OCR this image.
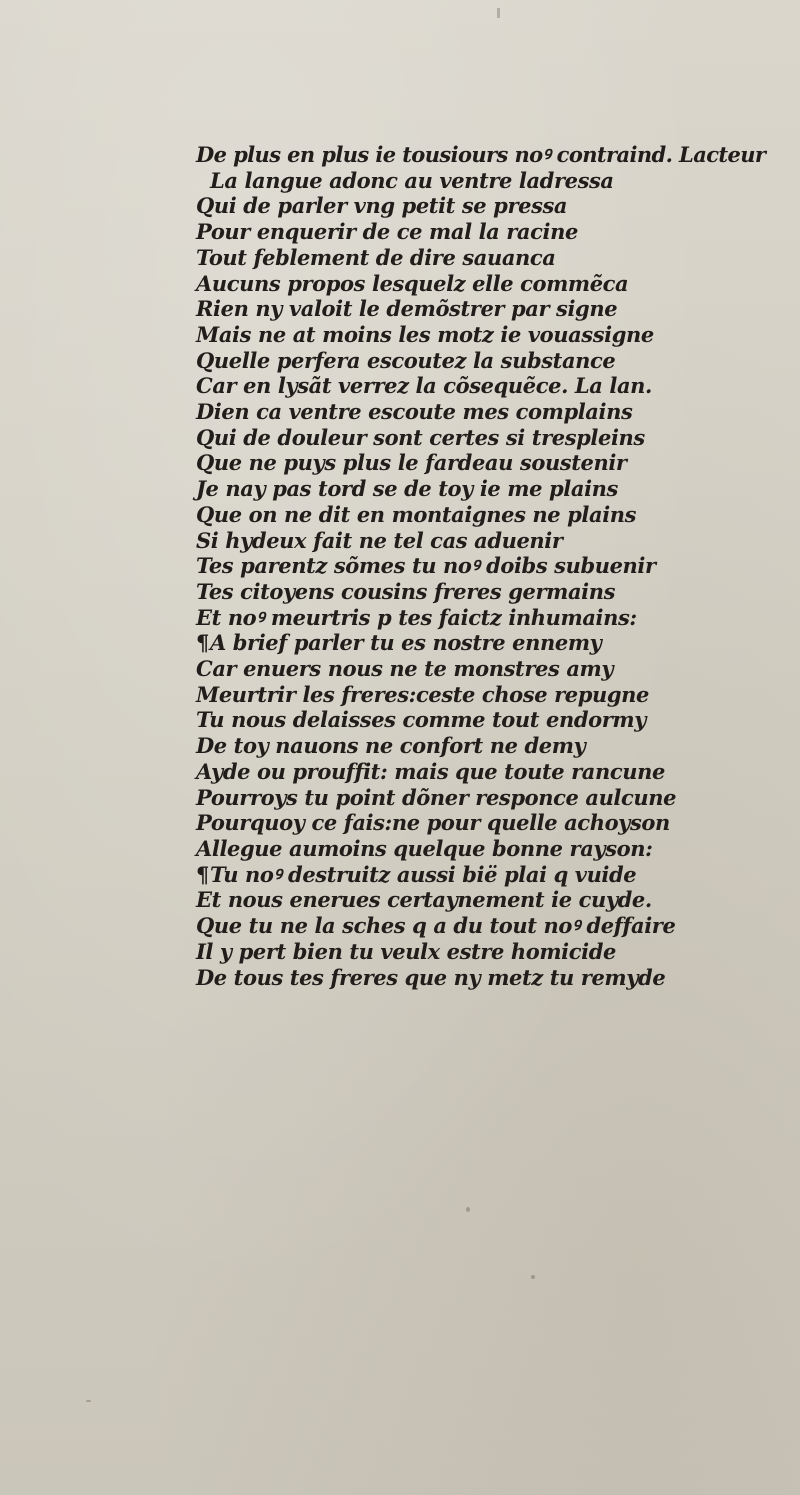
De plus en plus ie tousiours noꝰ contraind. Lacteur
La langue adonc au ventre ladressa
Qui de parler vng petit se pressa
Pour enquerir de ce mal la racine
Tout feblement de dire sauanca
Aucuns propos lesquelz elle commẽca
Rien ny valoit le demõstrer par signe
Mais ne at moins les motz ie vouassigne
Quelle perfera escoutez la substance
Car en lysãt verrez la cõsequẽce. La lan.
Dien ca ventre escoute mes complains
Qui de douleur sont certes si trespleins
Que ne puys plus le fardeau soustenir
Je nay pas tord se de toy ie me plains
Que on ne dit en montaignes ne plains
Si hydeux fait ne tel cas aduenir
Tes parentz sõmes tu noꝰ doibs subuenir
Tes citoyens cousins freres germains
Et noꝰ meurtris p tes faictz inhumains:
¶A brief parler tu es nostre ennemy
Car enuers nous ne te monstres amy
Meurtrir les freres:ceste chose repugne
Tu nous delaisses comme tout endormy
De toy nauons ne confort ne demy
Ayde ou prouffit: mais que toute rancune
Pourroys tu point dõner responce aulcune
Pourquoy ce fais:ne pour quelle achoyson
Allegue aumoins quelque bonne rayson:
¶Tu noꝰ destruitz aussi bië plai q vuide
Et nous enerues certaynement ie cuyde.
Que tu ne la sches q a du tout noꝰ deffaire
Il y pert bien tu veulx estre homicide
De tous tes freres que ny metz tu remyde
